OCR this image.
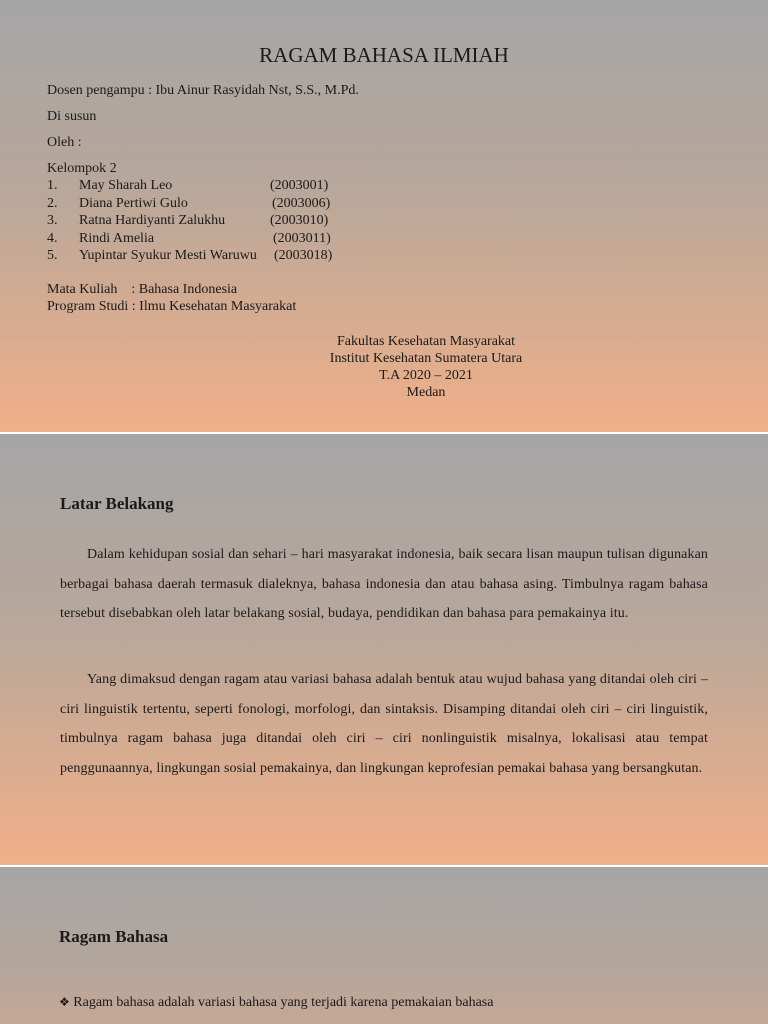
RAGAM BAHASA ILMIAH
Dosen pengampu : Ibu Ainur Rasyidah Nst, S.S., M.Pd.
Di susun
Oleh :
Kelompok 2
1. May Sharah Leo	(2003001)
2. Diana Pertiwi Gulo	(2003006)
3. Ratna Hardiyanti Zalukhu	(2003010)
4. Rindi Amelia	(2003011)
5. Yupintar Syukur Mesti Waruwu (2003018)
Mata Kuliah    : Bahasa Indonesia
Program Studi : Ilmu Kesehatan Masyarakat
Fakultas Kesehatan Masyarakat
Institut Kesehatan Sumatera Utara
T.A 2020 – 2021
Medan
Latar Belakang

Dalam kehidupan sosial dan sehari – hari masyarakat indonesia, baik secara lisan maupun tulisan digunakan berbagai bahasa daerah termasuk dialeknya, bahasa indonesia dan atau bahasa asing. Timbulnya ragam bahasa tersebut disebabkan oleh latar belakang sosial, budaya, pendidikan dan bahasa para pemakainya itu.

Yang dimaksud dengan ragam atau variasi bahasa adalah bentuk atau wujud bahasa yang ditandai oleh ciri – ciri linguistik tertentu, seperti fonologi, morfologi, dan sintaksis. Disamping ditandai oleh ciri – ciri linguistik, timbulnya ragam bahasa juga ditandai oleh ciri – ciri nonlinguistik misalnya, lokalisasi atau tempat penggunaannya, lingkungan sosial pemakainya, dan lingkungan keprofesian pemakai bahasa yang bersangkutan.

Ragam Bahasa
❖ Ragam bahasa adalah variasi bahasa yang terjadi karena pemakaian bahasa
